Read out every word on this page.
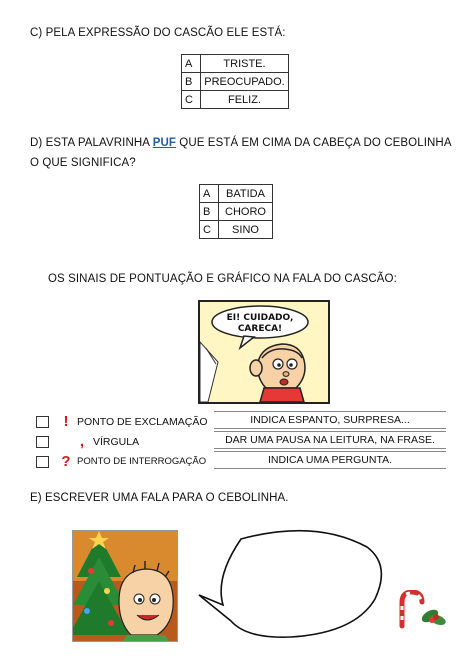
C) PELA EXPRESSÃO DO CASCÃO ELE ESTÁ:
A	TRISTE.
B	PREOCUPADO.
C	FELIZ.
D) ESTA PALAVRINHA PUF QUE ESTÁ EM CIMA DA CABEÇA DO CEBOLINHA
O QUE SIGNIFICA?
A	BATIDA
B	CHORO
C	SINO
OS SINAIS DE PONTUAÇÃO E GRÁFICO NA FALA DO CASCÃO:
EI! CUIDADO,
CARECA!
! PONTO DE EXCLAMAÇÃO	INDICA ESPANTO, SURPRESA...
, VÍRGULA	DAR UMA PAUSA NA LEITURA, NA FRASE.
? PONTO DE INTERROGAÇÃO	INDICA UMA PERGUNTA.
E) ESCREVER UMA FALA PARA O CEBOLINHA.
